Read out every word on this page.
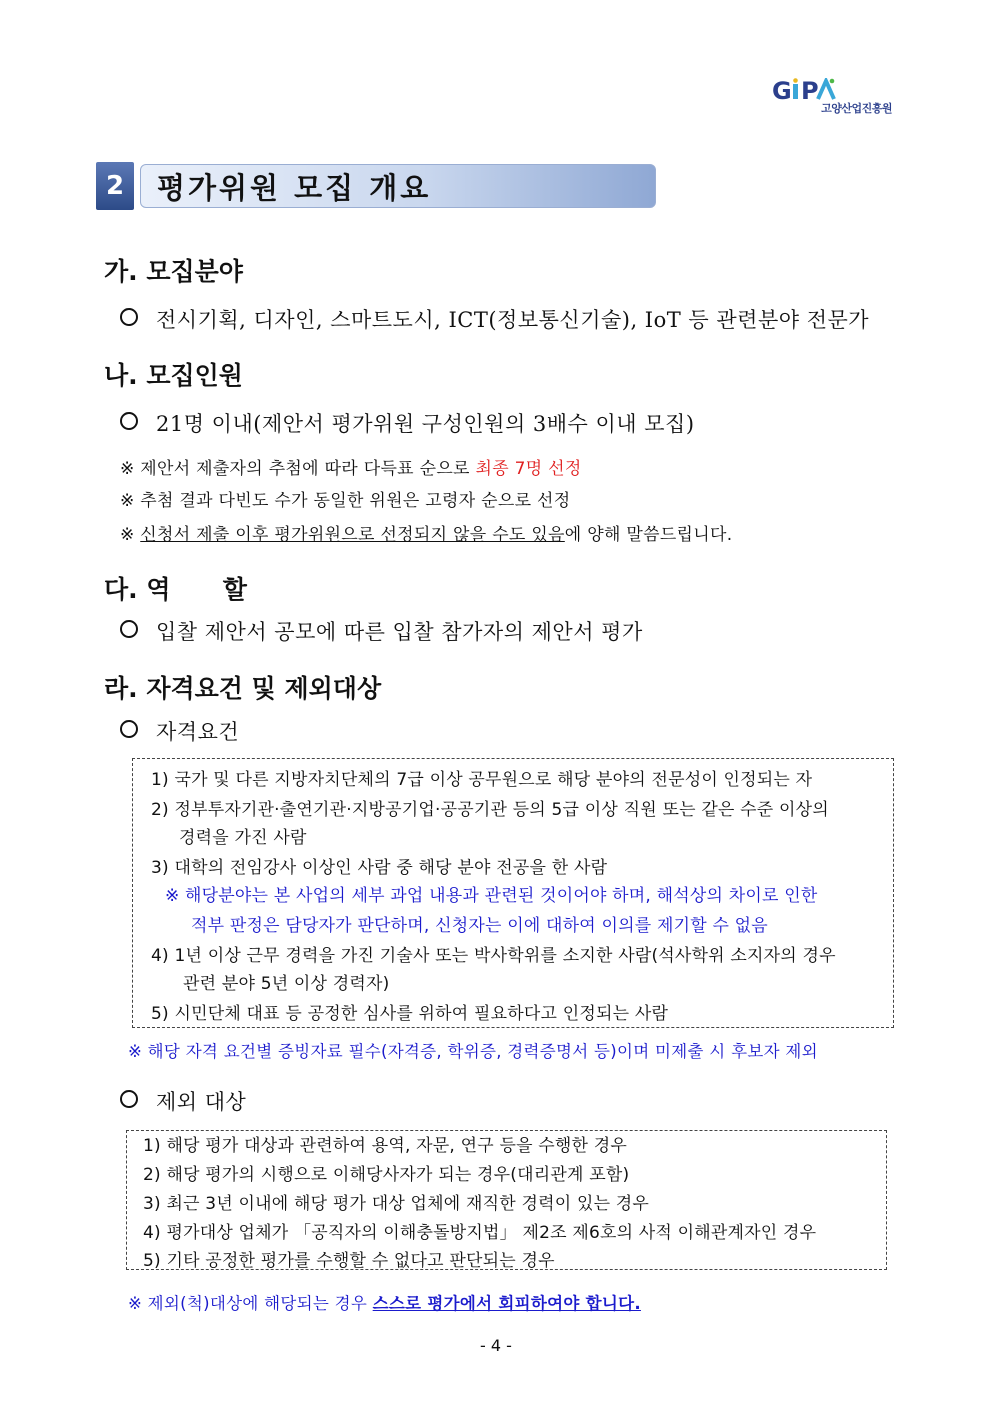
G P
고양산업진흥원
2	평가위원 모집 개요
가. 모집분야
전시기획, 디자인, 스마트도시, ICT(정보통신기술), IoT 등 관련분야 전문가
나. 모집인원
21명 이내(제안서 평가위원 구성인원의 3배수 이내 모집)
※ 제안서 제출자의 추첨에 따라 다득표 순으로 최종 7명 선정
※ 추첨 결과 다빈도 수가 동일한 위원은 고령자 순으로 선정
※ 신청서 제출 이후 평가위원으로 선정되지 않을 수도 있음에 양해 말씀드립니다.
다. 역      할
입찰 제안서 공모에 따른 입찰 참가자의 제안서 평가
라. 자격요건 및 제외대상
자격요건
1) 국가 및 다른 지방자치단체의 7급 이상 공무원으로 해당 분야의 전문성이 인정되는 자
2) 정부투자기관·출연기관·지방공기업·공공기관 등의 5급 이상 직원 또는 같은 수준 이상의
경력을 가진 사람
3) 대학의 전임강사 이상인 사람 중 해당 분야 전공을 한 사람
※ 해당분야는 본 사업의 세부 과업 내용과 관련된 것이어야 하며, 해석상의 차이로 인한
적부 판정은 담당자가 판단하며, 신청자는 이에 대하여 이의를 제기할 수 없음
4) 1년 이상 근무 경력을 가진 기술사 또는 박사학위를 소지한 사람(석사학위 소지자의 경우
관련 분야 5년 이상 경력자)
5) 시민단체 대표 등 공정한 심사를 위하여 필요하다고 인정되는 사람
※ 해당 자격 요건별 증빙자료 필수(자격증, 학위증, 경력증명서 등)이며 미제출 시 후보자 제외
제외 대상
1) 해당 평가 대상과 관련하여 용역, 자문, 연구 등을 수행한 경우
2) 해당 평가의 시행으로 이해당사자가 되는 경우(대리관계 포함)
3) 최근 3년 이내에 해당 평가 대상 업체에 재직한 경력이 있는 경우
4) 평가대상 업체가 「공직자의 이해충돌방지법」 제2조 제6호의 사적 이해관계자인 경우
5) 기타 공정한 평가를 수행할 수 없다고 판단되는 경우
※ 제외(척)대상에 해당되는 경우 스스로 평가에서 회피하여야 합니다.
- 4 -
